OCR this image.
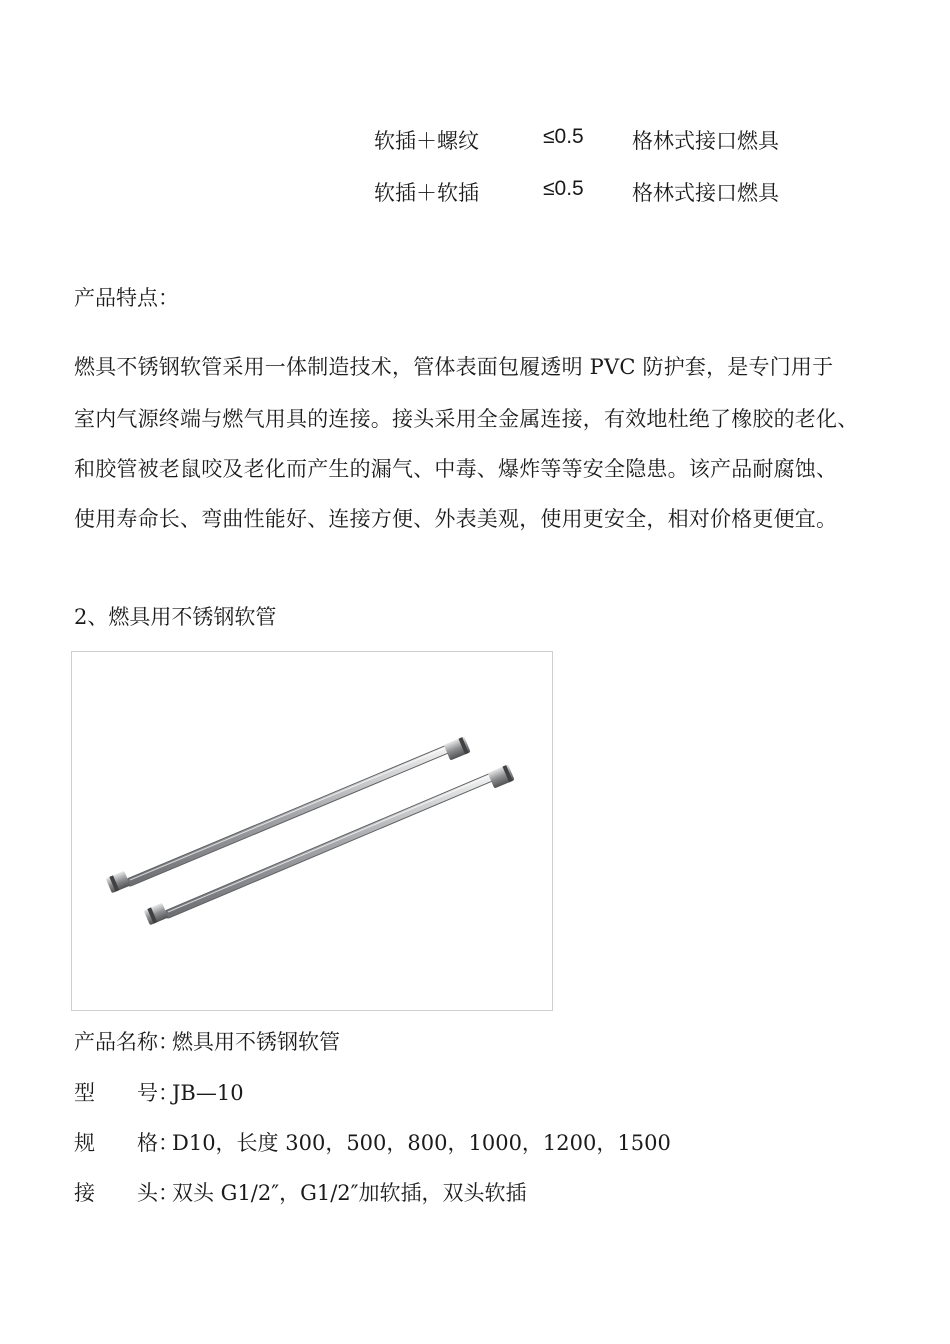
软插＋螺纹	≤0.5 格林式接口燃具
软插＋软插	≤0.5 格林式接口燃具
产品特点：
燃具不锈钢软管采用一体制造技术，管体表面包履透明 PVC 防护套，是专门用于
室内气源终端与燃气用具的连接。接头采用全金属连接，有效地杜绝了橡胶的老化、
和胶管被老鼠咬及老化而产生的漏气、中毒、爆炸等等安全隐患。该产品耐腐蚀、
使用寿命长、弯曲性能好、连接方便、外表美观，使用更安全，相对价格更便宜。
2、燃具用不锈钢软管
产品名称：燃具用不锈钢软管
型　　号：JB—10
规　　格：D10，长度 300，500，800，1000，1200，1500
接　　头：双头 G1/2″，G1/2″加软插，双头软插
